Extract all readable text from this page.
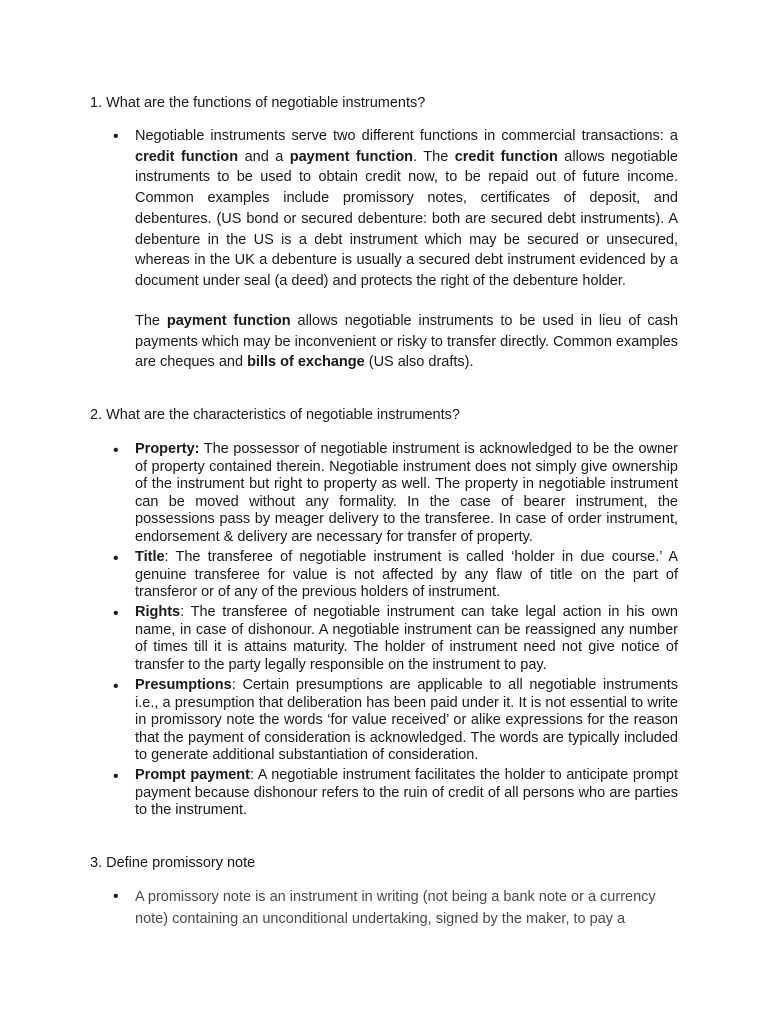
1. What are the functions of negotiable instruments?

• Negotiable instruments serve two different functions in commercial transactions: a credit function and a payment function. The credit function allows negotiable instruments to be used to obtain credit now, to be repaid out of future income. Common examples include promissory notes, certificates of deposit, and debentures. (US bond or secured debenture: both are secured debt instruments). A debenture in the US is a debt instrument which may be secured or unsecured, whereas in the UK a debenture is usually a secured debt instrument evidenced by a document under seal (a deed) and protects the right of the debenture holder.

The payment function allows negotiable instruments to be used in lieu of cash payments which may be inconvenient or risky to transfer directly. Common examples are cheques and bills of exchange (US also drafts).

2. What are the characteristics of negotiable instruments?

• Property: The possessor of negotiable instrument is acknowledged to be the owner of property contained therein. Negotiable instrument does not simply give ownership of the instrument but right to property as well. The property in negotiable instrument can be moved without any formality. In the case of bearer instrument, the possessions pass by meager delivery to the transferee. In case of order instrument, endorsement & delivery are necessary for transfer of property.

• Title: The transferee of negotiable instrument is called ‘holder in due course.’ A genuine transferee for value is not affected by any flaw of title on the part of transferor or of any of the previous holders of instrument.

• Rights: The transferee of negotiable instrument can take legal action in his own name, in case of dishonour. A negotiable instrument can be reassigned any number of times till it is attains maturity. The holder of instrument need not give notice of transfer to the party legally responsible on the instrument to pay.

• Presumptions: Certain presumptions are applicable to all negotiable instruments i.e., a presumption that deliberation has been paid under it. It is not essential to write in promissory note the words ‘for value received’ or alike expressions for the reason that the payment of consideration is acknowledged. The words are typically included to generate additional substantiation of consideration.

• Prompt payment: A negotiable instrument facilitates the holder to anticipate prompt payment because dishonour refers to the ruin of credit of all persons who are parties to the instrument.

3. Define promissory note

• A promissory note is an instrument in writing (not being a bank note or a currency note) containing an unconditional undertaking, signed by the maker, to pay a
